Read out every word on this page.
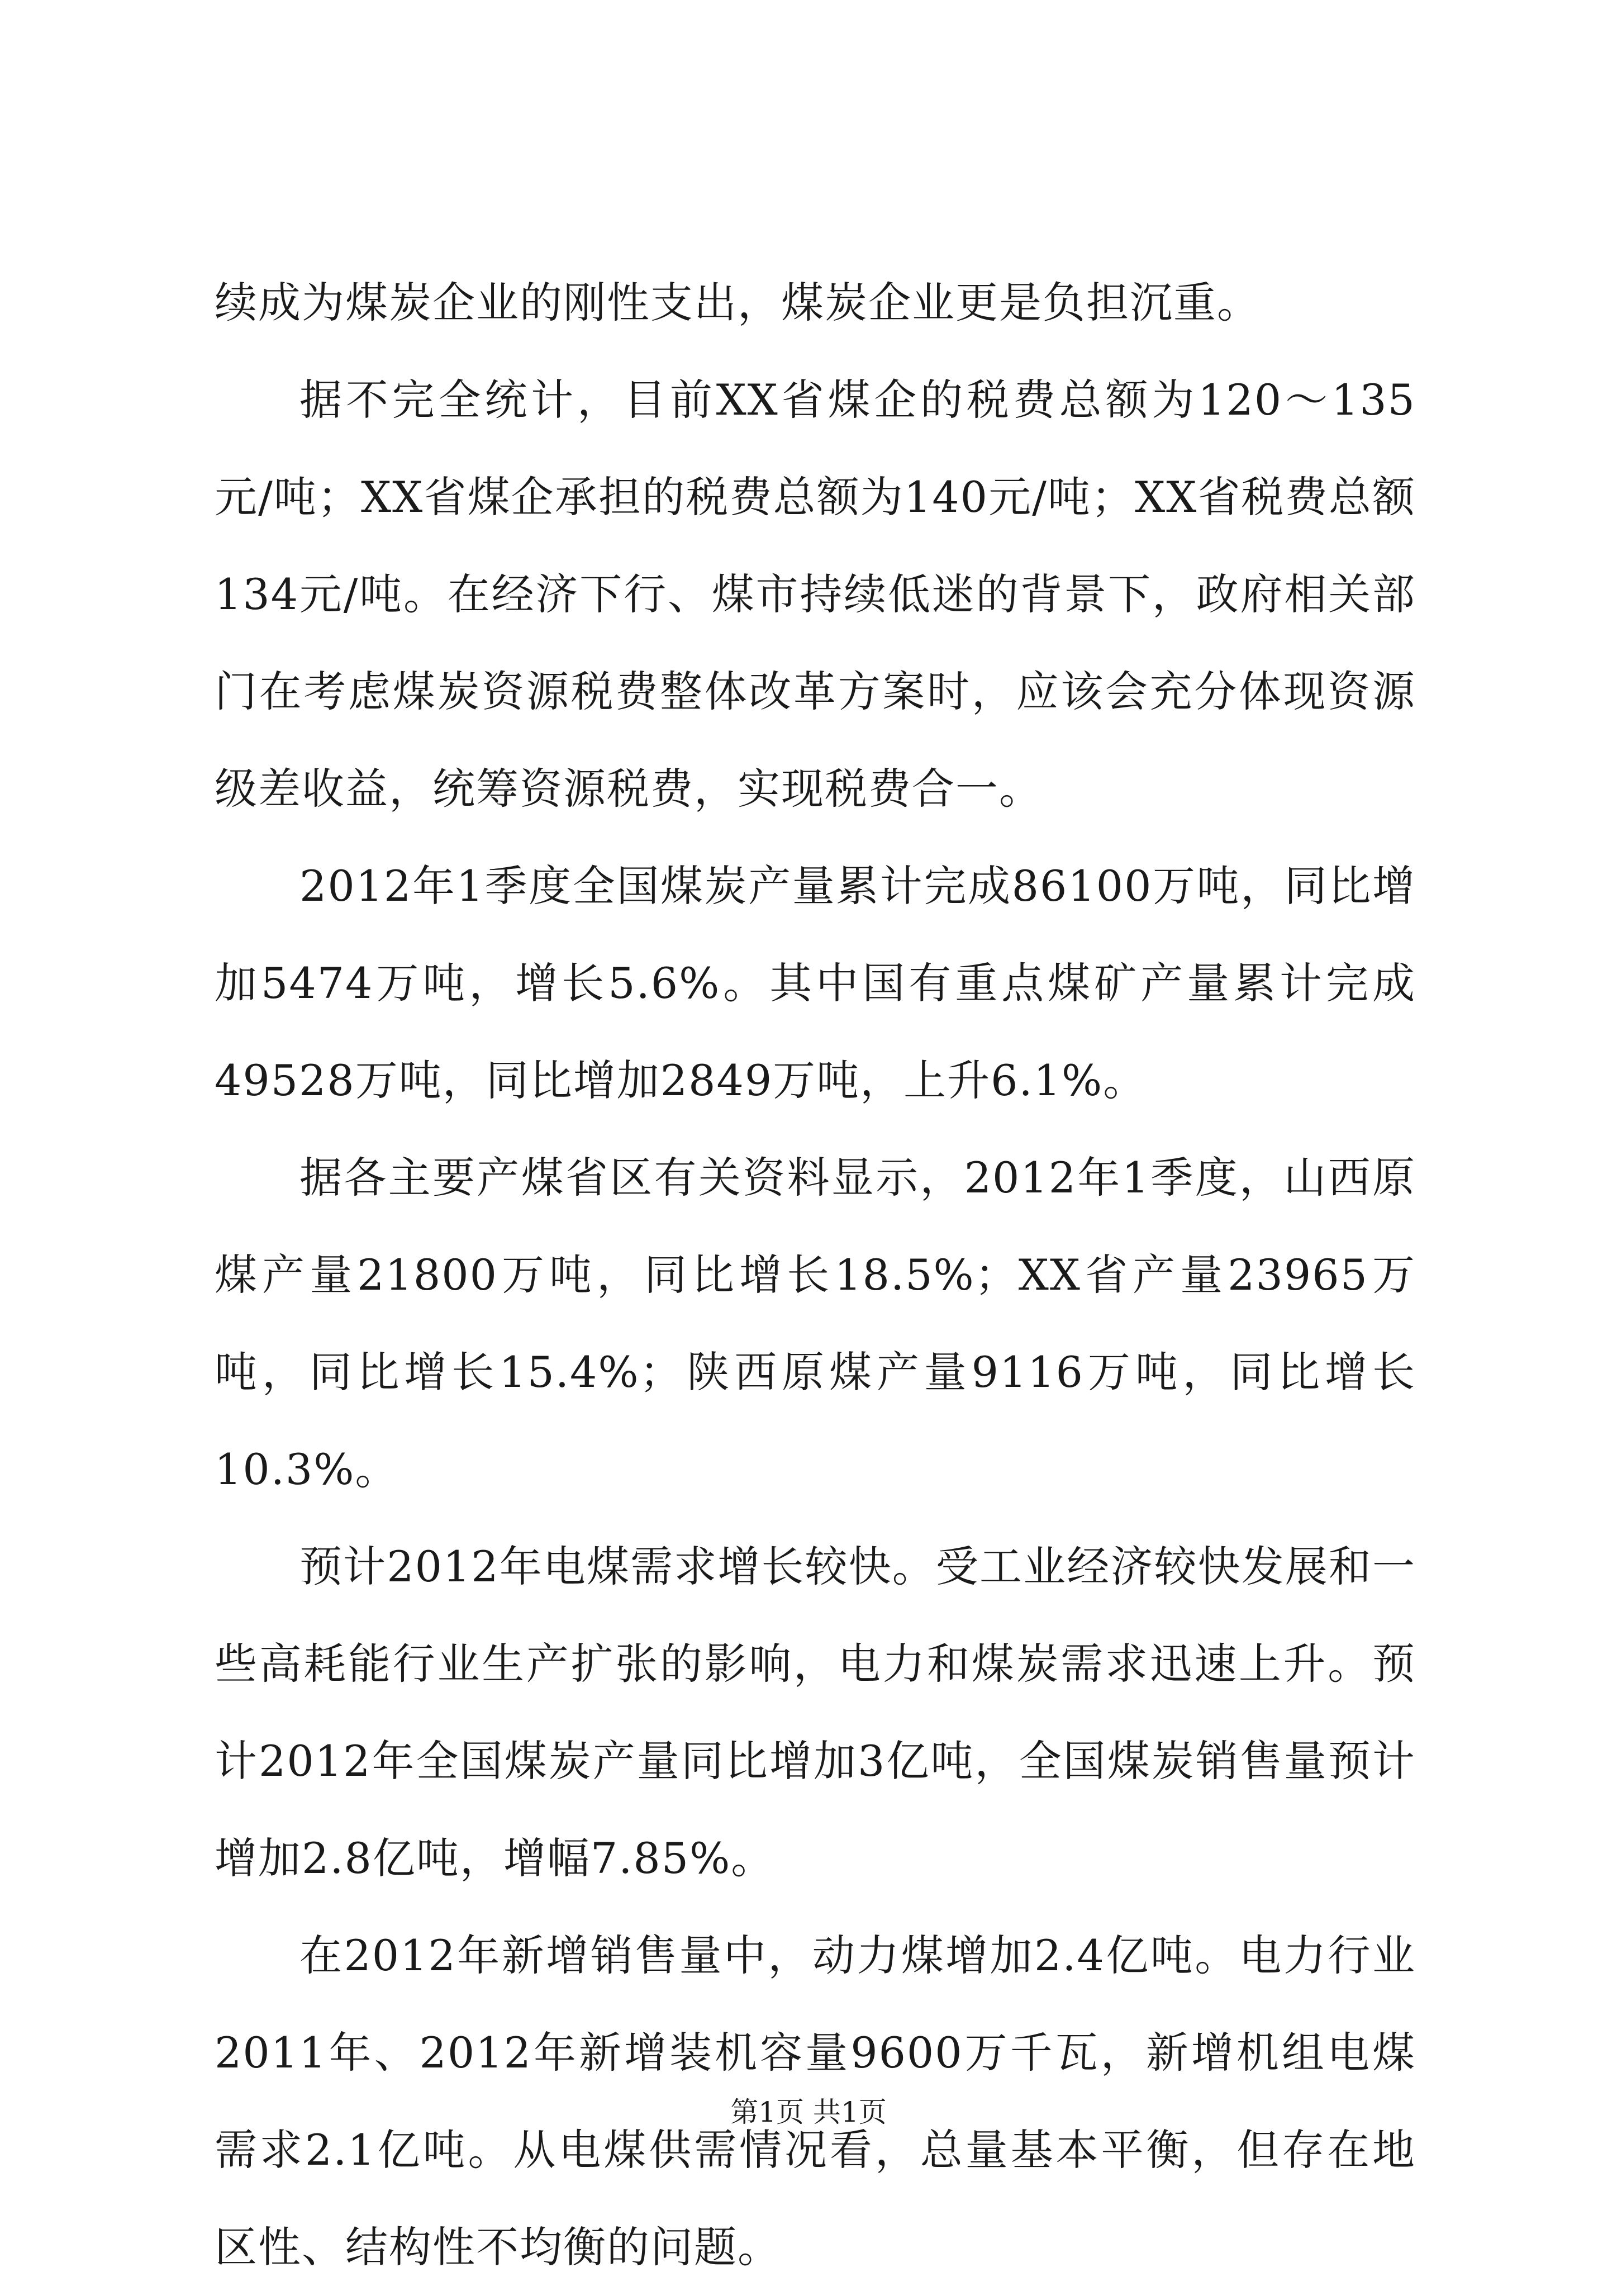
续成为煤炭企业的刚性支出，煤炭企业更是负担沉重。

据不完全统计，目前XX省煤企的税费总额为120～135元/吨；XX省煤企承担的税费总额为140元/吨；XX省税费总额134元/吨。在经济下行、煤市持续低迷的背景下，政府相关部门在考虑煤炭资源税费整体改革方案时，应该会充分体现资源级差收益，统筹资源税费，实现税费合一。

2012年1季度全国煤炭产量累计完成86100万吨，同比增加5474万吨，增长5.6%。其中国有重点煤矿产量累计完成49528万吨，同比增加2849万吨，上升6.1%。

据各主要产煤省区有关资料显示，2012年1季度，山西原煤产量21800万吨，同比增长18.5%；XX省产量23965万吨，同比增长15.4%；陕西原煤产量9116万吨，同比增长10.3%。

预计2012年电煤需求增长较快。受工业经济较快发展和一些高耗能行业生产扩张的影响，电力和煤炭需求迅速上升。预计2012年全国煤炭产量同比增加3亿吨，全国煤炭销售量预计增加2.8亿吨，增幅7.85%。

在2012年新增销售量中，动力煤增加2.4亿吨。电力行业2011年、2012年新增装机容量9600万千瓦，新增机组电煤需求2.1亿吨。从电煤供需情况看，总量基本平衡，但存在地区性、结构性不均衡的问题。

第1页 共1页
